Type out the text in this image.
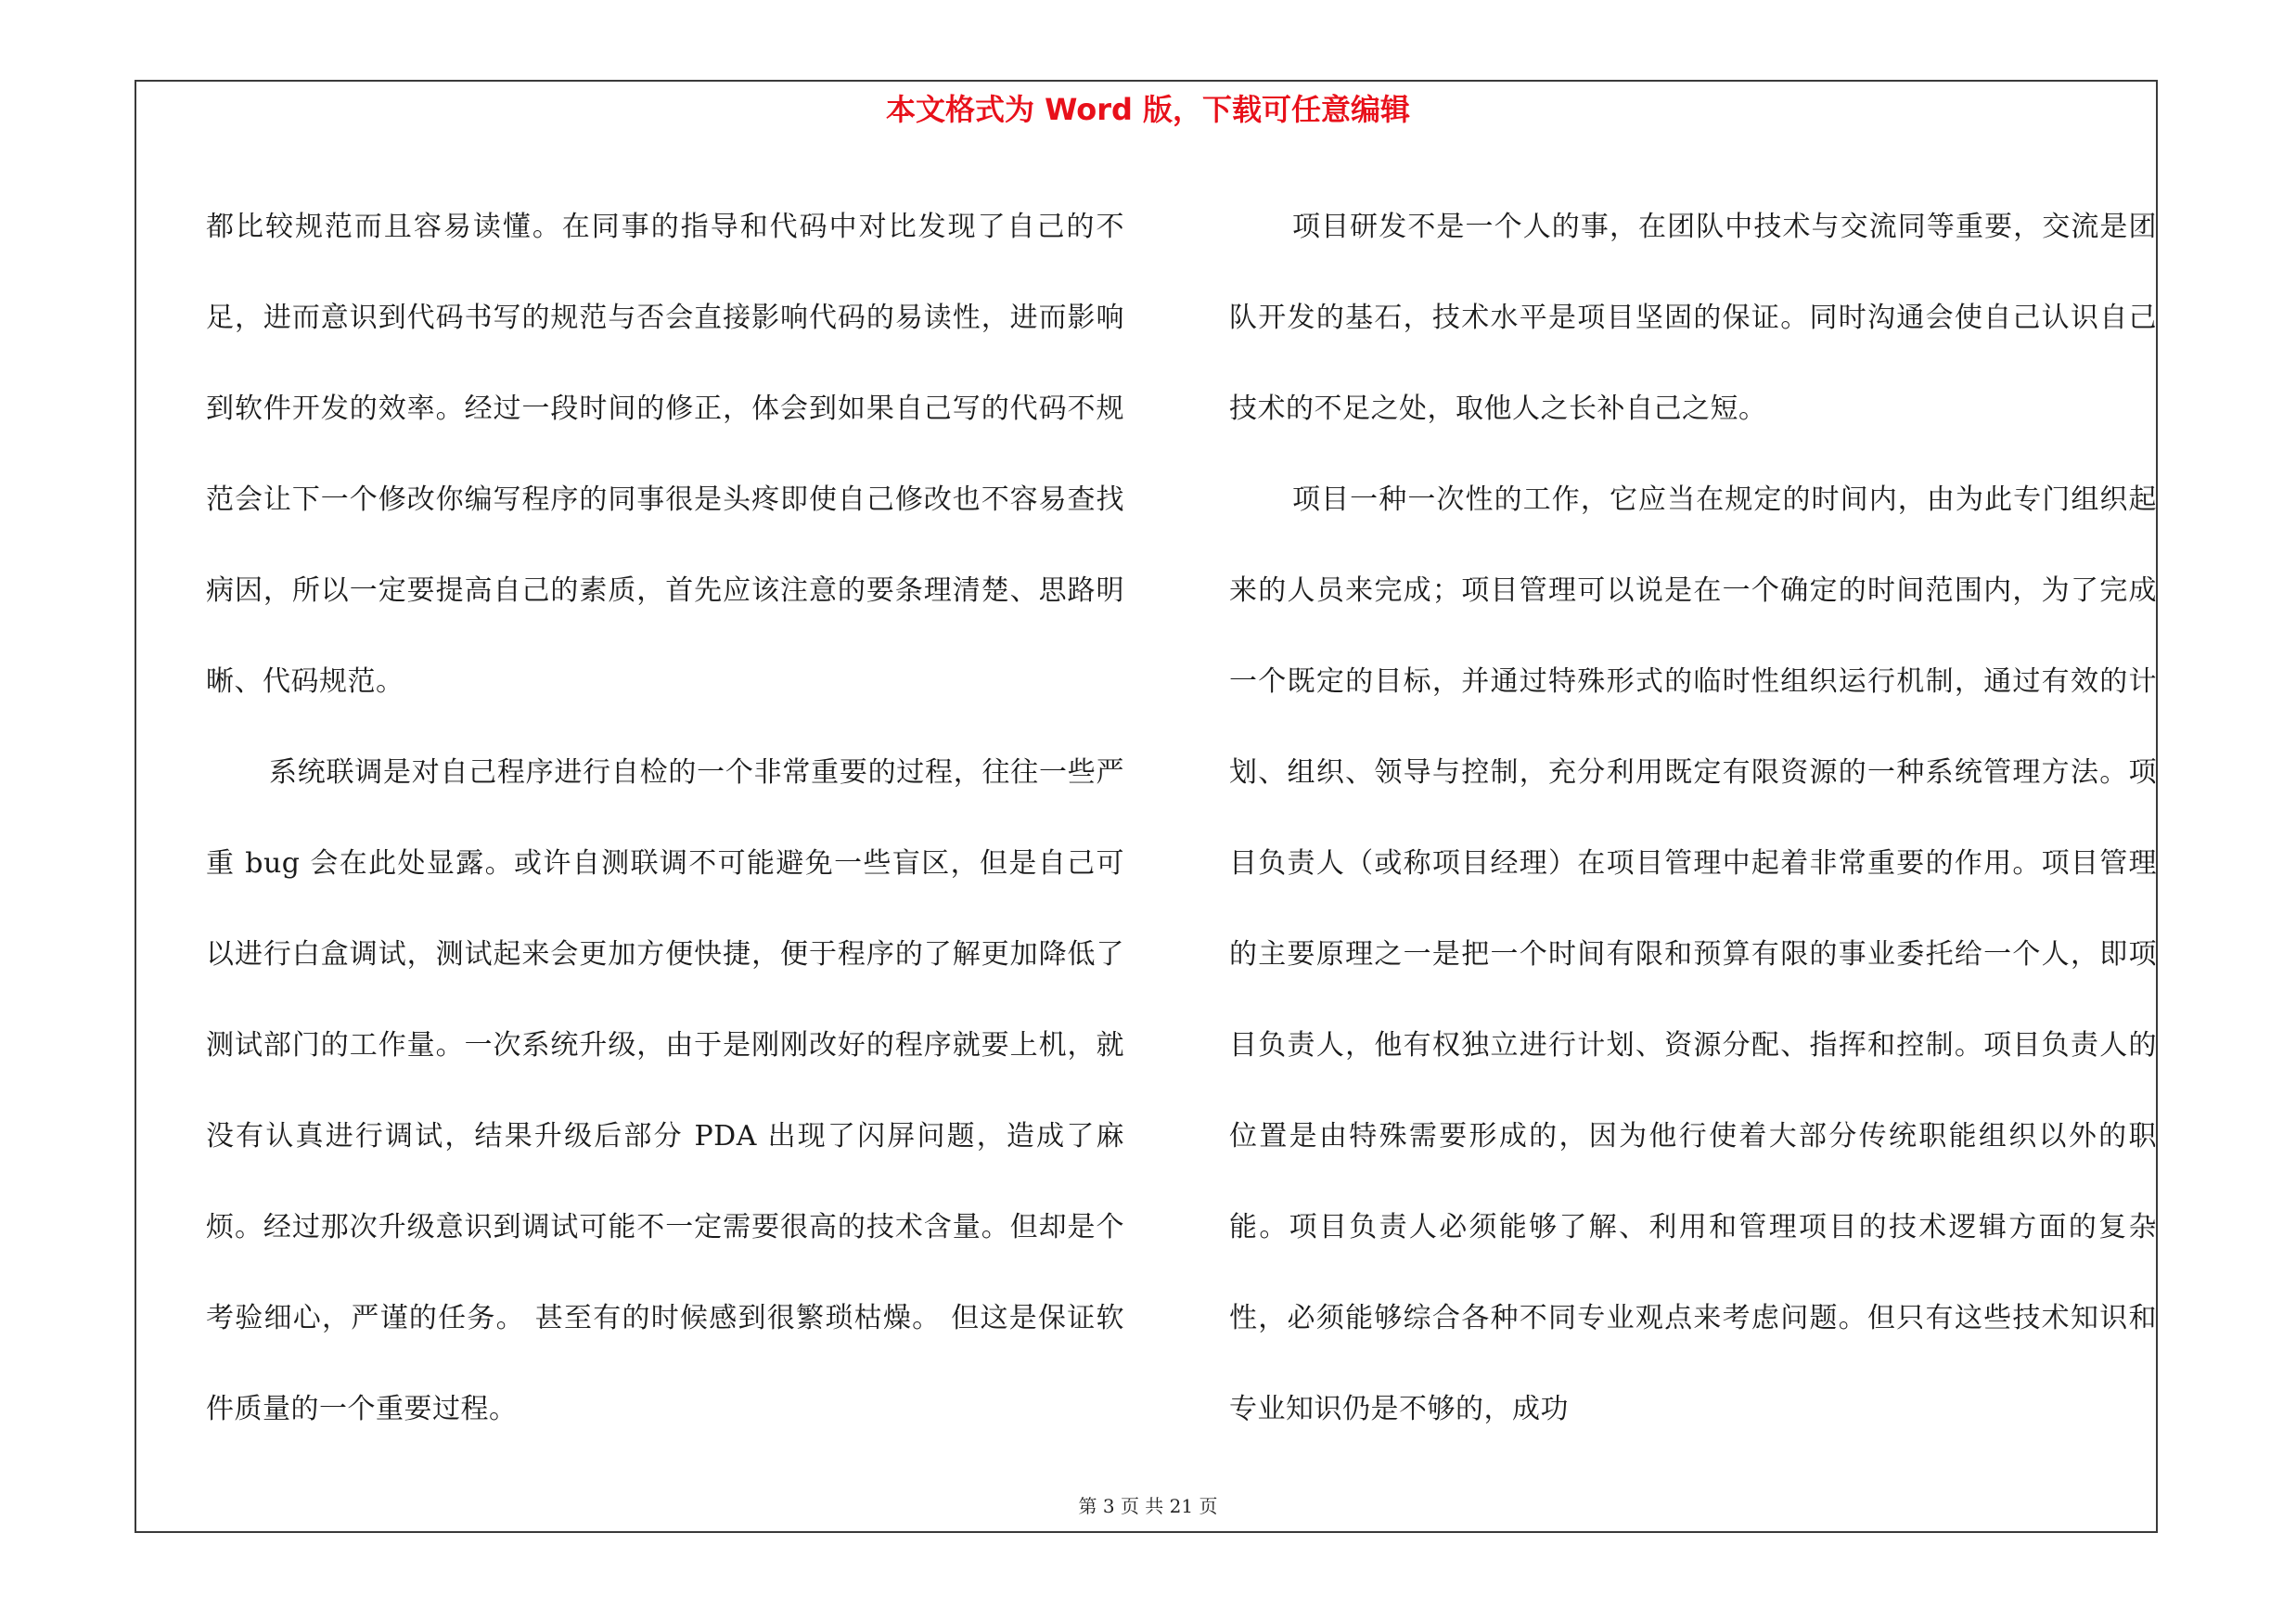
本文格式为 Word 版，下载可任意编辑

都比较规范而且容易读懂。在同事的指导和代码中对比发现了自己的不足，进而意识到代码书写的规范与否会直接影响代码的易读性，进而影响到软件开发的效率。经过一段时间的修正，体会到如果自己写的代码不规范会让下一个修改你编写程序的同事很是头疼即使自己修改也不容易查找病因，所以一定要提高自己的素质，首先应该注意的要条理清楚、思路明晰、代码规范。

系统联调是对自己程序进行自检的一个非常重要的过程，往往一些严重 bug 会在此处显露。或许自测联调不可能避免一些盲区，但是自己可以进行白盒调试，测试起来会更加方便快捷，便于程序的了解更加降低了测试部门的工作量。一次系统升级，由于是刚刚改好的程序就要上机，就没有认真进行调试，结果升级后部分 PDA 出现了闪屏问题，造成了麻烦。经过那次升级意识到调试可能不一定需要很高的技术含量。但却是个考验细心，严谨的任务。 甚至有的时候感到很繁琐枯燥。 但这是保证软件质量的一个重要过程。

项目研发不是一个人的事，在团队中技术与交流同等重要，交流是团队开发的基石，技术水平是项目坚固的保证。同时沟通会使自己认识自己技术的不足之处，取他人之长补自己之短。

项目一种一次性的工作，它应当在规定的时间内，由为此专门组织起来的人员来完成；项目管理可以说是在一个确定的时间范围内，为了完成一个既定的目标，并通过特殊形式的临时性组织运行机制，通过有效的计划、组织、领导与控制，充分利用既定有限资源的一种系统管理方法。项目负责人（或称项目经理）在项目管理中起着非常重要的作用。项目管理的主要原理之一是把一个时间有限和预算有限的事业委托给一个人，即项目负责人，他有权独立进行计划、资源分配、指挥和控制。项目负责人的位置是由特殊需要形成的，因为他行使着大部分传统职能组织以外的职能。项目负责人必须能够了解、利用和管理项目的技术逻辑方面的复杂性，必须能够综合各种不同专业观点来考虑问题。但只有这些技术知识和专业知识仍是不够的，成功

第 3 页 共 21 页
